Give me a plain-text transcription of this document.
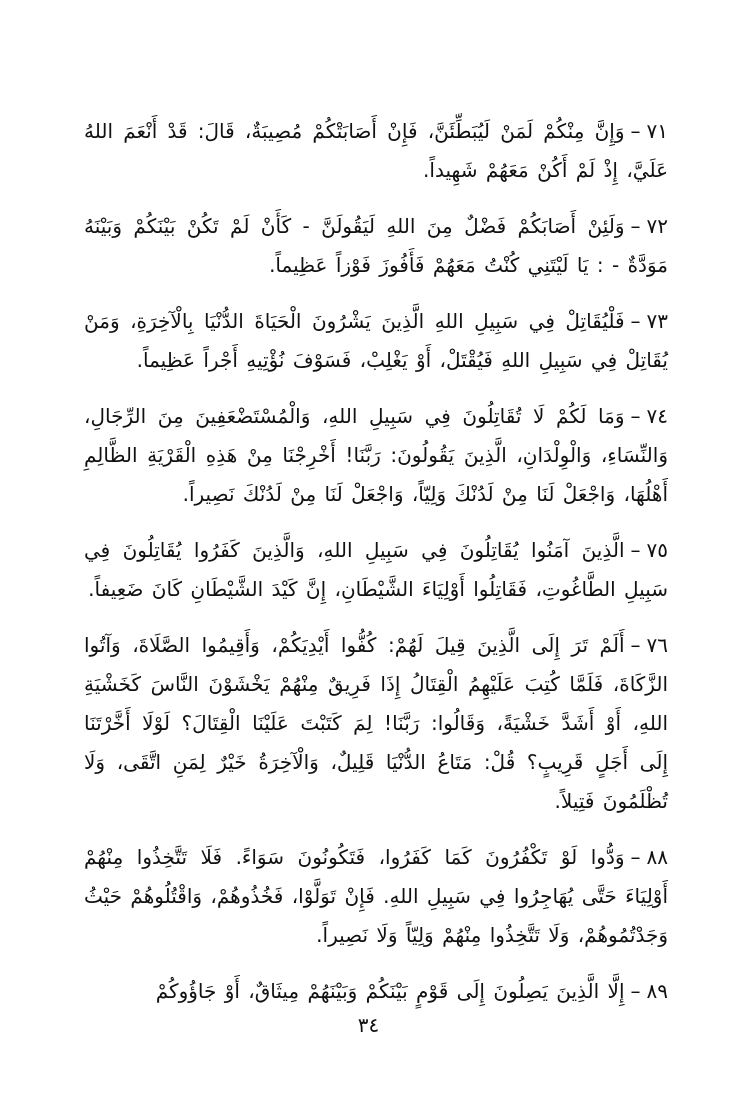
٧١–وَإِنَّ مِنْكُمْ لَمَنْ لَيُبَطِّئَنَّ، فَإِنْ أَصَابَتْكُمْ مُصِيبَةٌ، قَالَ: قَدْ أَنْعَمَ اللهُ عَلَيَّ، إِذْ لَمْ أَكُنْ مَعَهُمْ شَهِيداً.

٧٢–وَلَئِنْ أَصَابَكُمْ فَضْلٌ مِنَ اللهِ لَيَقُولَنَّ - كَأَنْ لَمْ تَكُنْ بَيْنَكُمْ وَبَيْنَهُ مَوَدَّةٌ - : يَا لَيْتَنِي كُنْتُ مَعَهُمْ فَأَفُوزَ فَوْزاً عَظِيماً.

٧٣–فَلْيُقَاتِلْ فِي سَبِيلِ اللهِ الَّذِينَ يَشْرُونَ الْحَيَاةَ الدُّنْيَا بِالْآخِرَةِ، وَمَنْ يُقَاتِلْ فِي سَبِيلِ اللهِ فَيُقْتَلْ، أَوْ يَغْلِبْ، فَسَوْفَ نُؤْتِيهِ أَجْراً عَظِيماً.

٧٤–وَمَا لَكُمْ لَا تُقَاتِلُونَ فِي سَبِيلِ اللهِ، وَالْمُسْتَضْعَفِينَ مِنَ الرِّجَالِ، وَالنِّسَاءِ، وَالْوِلْدَانِ، الَّذِينَ يَقُولُونَ: رَبَّنَا! أَخْرِجْنَا مِنْ هَذِهِ الْقَرْيَةِ الظَّالِمِ أَهْلُهَا، وَاجْعَلْ لَنَا مِنْ لَدُنْكَ وَلِيّاً، وَاجْعَلْ لَنَا مِنْ لَدُنْكَ نَصِيراً.

٧٥–الَّذِينَ آمَنُوا يُقَاتِلُونَ فِي سَبِيلِ اللهِ، وَالَّذِينَ كَفَرُوا يُقَاتِلُونَ فِي سَبِيلِ الطَّاغُوتِ، فَقَاتِلُوا أَوْلِيَاءَ الشَّيْطَانِ، إِنَّ كَيْدَ الشَّيْطَانِ كَانَ ضَعِيفاً.

٧٦–أَلَمْ تَرَ إِلَى الَّذِينَ قِيلَ لَهُمْ: كُفُّوا أَيْدِيَكُمْ، وَأَقِيمُوا الصَّلَاةَ، وَآتُوا الزَّكَاةَ، فَلَمَّا كُتِبَ عَلَيْهِمُ الْقِتَالُ إِذَا فَرِيقٌ مِنْهُمْ يَخْشَوْنَ النَّاسَ كَخَشْيَةِ اللهِ، أَوْ أَشَدَّ خَشْيَةً، وَقَالُوا: رَبَّنَا! لِمَ كَتَبْتَ عَلَيْنَا الْقِتَالَ؟ لَوْلَا أَخَّرْتَنَا إِلَى أَجَلٍ قَرِيبٍ؟ قُلْ: مَتَاعُ الدُّنْيَا قَلِيلٌ، وَالْآخِرَةُ خَيْرٌ لِمَنِ اتَّقَى، وَلَا تُظْلَمُونَ فَتِيلاً.

٨٨–وَدُّوا لَوْ تَكْفُرُونَ كَمَا كَفَرُوا، فَتَكُونُونَ سَوَاءً. فَلَا تَتَّخِذُوا مِنْهُمْ أَوْلِيَاءَ حَتَّى يُهَاجِرُوا فِي سَبِيلِ اللهِ. فَإِنْ تَوَلَّوْا، فَخُذُوهُمْ، وَاقْتُلُوهُمْ حَيْثُ وَجَدْتُمُوهُمْ، وَلَا تَتَّخِذُوا مِنْهُمْ وَلِيّاً وَلَا نَصِيراً.

٨٩–إِلَّا الَّذِينَ يَصِلُونَ إِلَى قَوْمٍ بَيْنَكُمْ وَبَيْنَهُمْ مِيثَاقٌ، أَوْ جَاؤُوكُمْ

٣٤
